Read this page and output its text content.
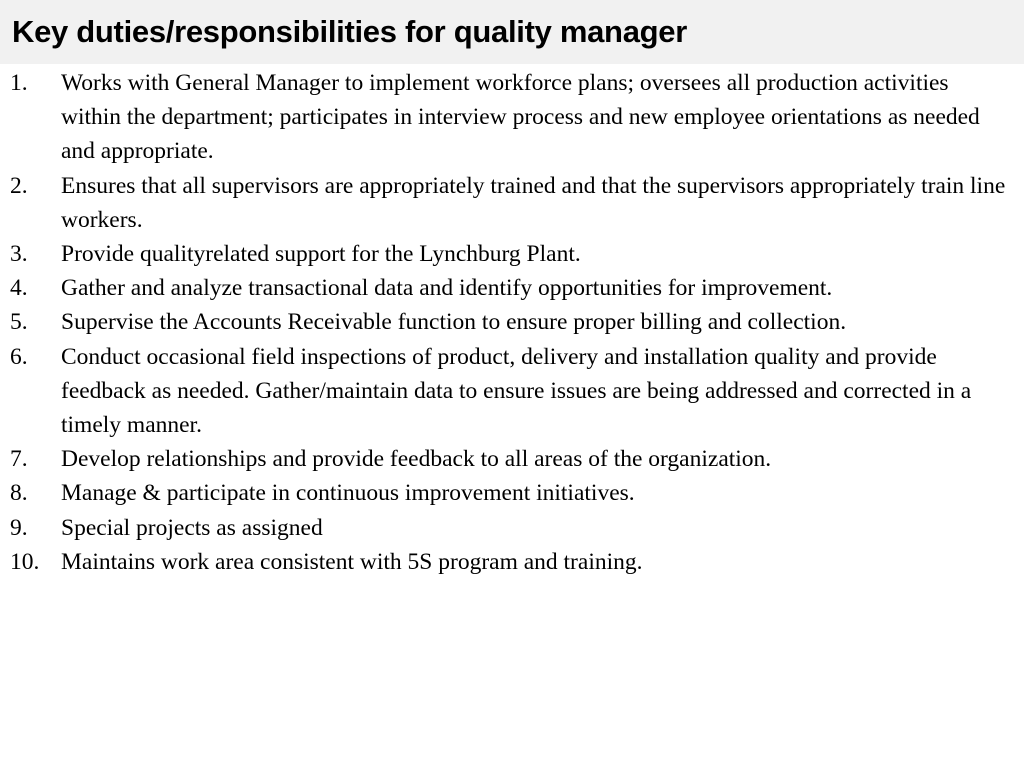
Key duties/responsibilities for quality manager
1. Works with General Manager to implement workforce plans; oversees all production activities within the department; participates in interview process and new employee orientations as needed and appropriate.
2. Ensures that all supervisors are appropriately trained and that the supervisors appropriately train line workers.
3. Provide qualityrelated support for the Lynchburg Plant.
4. Gather and analyze transactional data and identify opportunities for improvement.
5. Supervise the Accounts Receivable function to ensure proper billing and collection.
6. Conduct occasional field inspections of product, delivery and installation quality and provide feedback as needed. Gather/maintain data to ensure issues are being addressed and corrected in a timely manner.
7. Develop relationships and provide feedback to all areas of the organization.
8. Manage & participate in continuous improvement initiatives.
9. Special projects as assigned
10. Maintains work area consistent with 5S program and training.
